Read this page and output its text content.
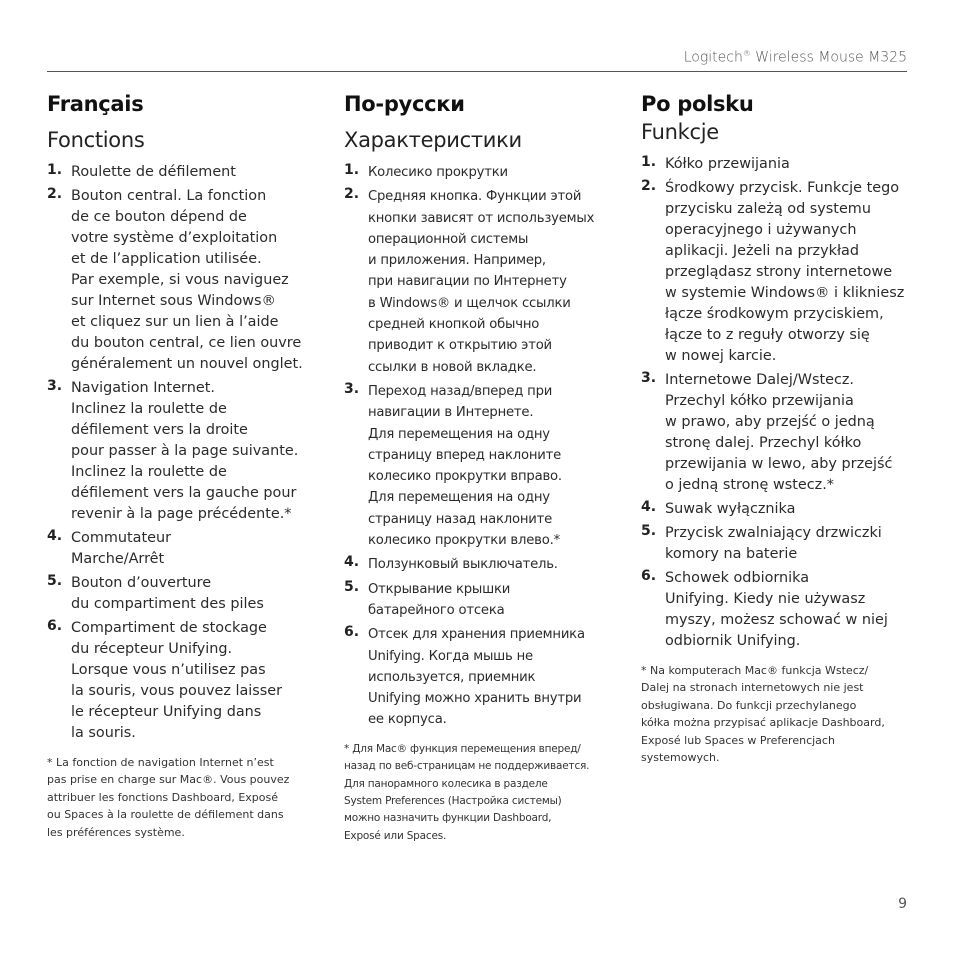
Logitech® Wireless Mouse M325
Français
Fonctions
1. Roulette de défilement
2. Bouton central. La fonction
de ce bouton dépend de
votre système d’exploitation
et de l’application utilisée.
Par exemple, si vous naviguez
sur Internet sous Windows®
et cliquez sur un lien à l’aide
du bouton central, ce lien ouvre
généralement un nouvel onglet.
3. Navigation Internet.
Inclinez la roulette de
défilement vers la droite
pour passer à la page suivante.
Inclinez la roulette de
défilement vers la gauche pour
revenir à la page précédente.*
4. Commutateur
Marche/Arrêt
5. Bouton d’ouverture
du compartiment des piles
6. Compartiment de stockage
du récepteur Unifying.
Lorsque vous n’utilisez pas
la souris, vous pouvez laisser
le récepteur Unifying dans
la souris.
* La fonction de navigation Internet n’est
pas prise en charge sur Mac®. Vous pouvez
attribuer les fonctions Dashboard, Exposé
ou Spaces à la roulette de défilement dans
les préférences système.
По-русски
Характеристики
1. Колесико прокрутки
2. Средняя кнопка. Функции этой
кнопки зависят от используемых
операционной системы
и приложения. Например,
при навигации по Интернету
в Windows® и щелчок ссылки
средней кнопкой обычно
приводит к открытию этой
ссылки в новой вкладке.
3. Переход назад/вперед при
навигации в Интернете.
Для перемещения на одну
страницу вперед наклоните
колесико прокрутки вправо.
Для перемещения на одну
страницу назад наклоните
колесико прокрутки влево.*
4. Ползунковый выключатель.
5. Открывание крышки
батарейного отсека
6. Отсек для хранения приемника
Unifying. Когда мышь не
используется, приемник
Unifying можно хранить внутри
ее корпуса.
* Для Mac® функция перемещения вперед/
назад по веб-страницам не поддерживается.
Для панорамного колесика в разделе
System Preferences (Настройка системы)
можно назначить функции Dashboard,
Exposé или Spaces.
Po polsku
Funkcje
1. Kółko przewijania
2. Środkowy przycisk. Funkcje tego
przycisku zależą od systemu
operacyjnego i używanych
aplikacji. Jeżeli na przykład
przeglądasz strony internetowe
w systemie Windows® i klikniesz
łącze środkowym przyciskiem,
łącze to z reguły otworzy się
w nowej karcie.
3. Internetowe Dalej/Wstecz.
Przechyl kółko przewijania
w prawo, aby przejść o jedną
stronę dalej. Przechyl kółko
przewijania w lewo, aby przejść
o jedną stronę wstecz.*
4. Suwak wyłącznika
5. Przycisk zwalniający drzwiczki
komory na baterie
6. Schowek odbiornika
Unifying. Kiedy nie używasz
myszy, możesz schować w niej
odbiornik Unifying.
* Na komputerach Mac® funkcja Wstecz/
Dalej na stronach internetowych nie jest
obsługiwana. Do funkcji przechylanego
kółka można przypisać aplikacje Dashboard,
Exposé lub Spaces w Preferencjach
systemowych.
9
